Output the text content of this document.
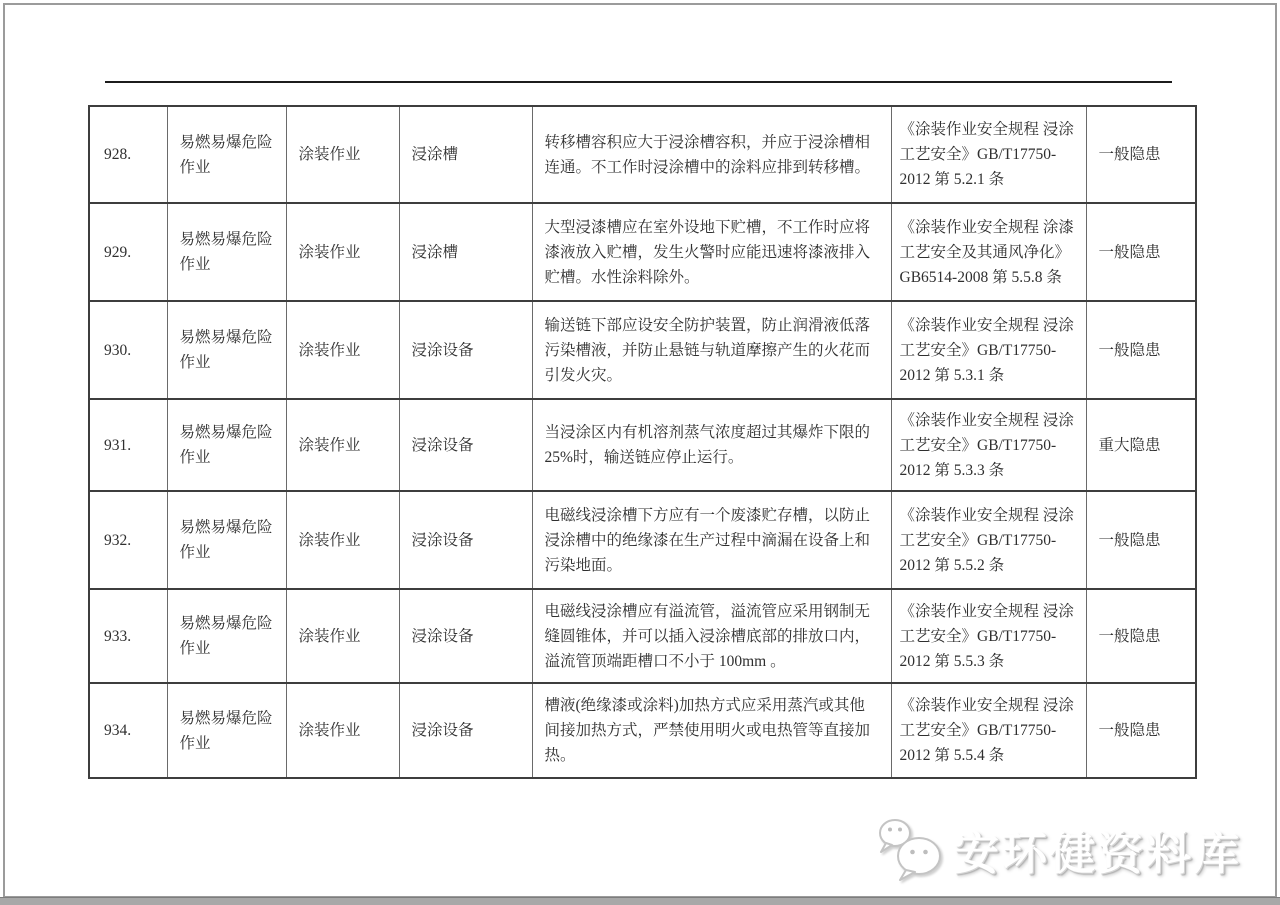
928.	易燃易爆危险作业	涂装作业	浸涂槽	转移槽容积应大于浸涂槽容积，并应于浸涂槽相连通。不工作时浸涂槽中的涂料应排到转移槽。	《涂装作业安全规程 浸涂工艺安全》GB/T17750-2012 第 5.2.1 条	一般隐患
929.	易燃易爆危险作业	涂装作业	浸涂槽	大型浸漆槽应在室外设地下贮槽，不工作时应将漆液放入贮槽，发生火警时应能迅速将漆液排入贮槽。水性涂料除外。	《涂装作业安全规程 涂漆工艺安全及其通风净化》GB6514-2008 第 5.5.8 条	一般隐患
930.	易燃易爆危险作业	涂装作业	浸涂设备	输送链下部应设安全防护装置，防止润滑液低落污染槽液，并防止悬链与轨道摩擦产生的火花而引发火灾。	《涂装作业安全规程 浸涂工艺安全》GB/T17750-2012 第 5.3.1 条	一般隐患
931.	易燃易爆危险作业	涂装作业	浸涂设备	当浸涂区内有机溶剂蒸气浓度超过其爆炸下限的25%时，输送链应停止运行。	《涂装作业安全规程 浸涂工艺安全》GB/T17750-2012 第 5.3.3 条	重大隐患
932.	易燃易爆危险作业	涂装作业	浸涂设备	电磁线浸涂槽下方应有一个废漆贮存槽，以防止浸涂槽中的绝缘漆在生产过程中滴漏在设备上和污染地面。	《涂装作业安全规程 浸涂工艺安全》GB/T17750-2012 第 5.5.2 条	一般隐患
933.	易燃易爆危险作业	涂装作业	浸涂设备	电磁线浸涂槽应有溢流管，溢流管应采用钢制无缝圆锥体，并可以插入浸涂槽底部的排放口内，溢流管顶端距槽口不小于 100mm 。	《涂装作业安全规程 浸涂工艺安全》GB/T17750-2012 第 5.5.3 条	一般隐患
934.	易燃易爆危险作业	涂装作业	浸涂设备	槽液(绝缘漆或涂料)加热方式应采用蒸汽或其他间接加热方式，严禁使用明火或电热管等直接加热。	《涂装作业安全规程 浸涂工艺安全》GB/T17750-2012 第 5.5.4 条	一般隐患
安环健资料库
